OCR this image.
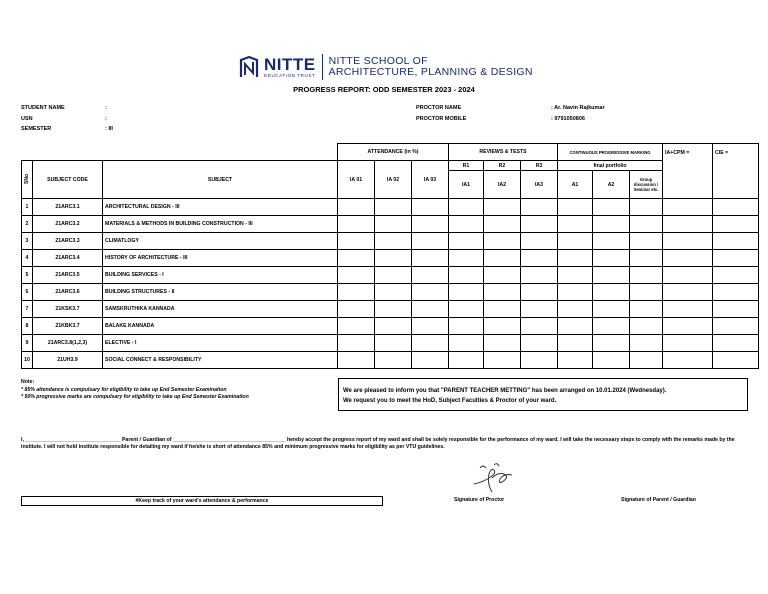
NITTE
EDUCATION TRUST
NITTE SCHOOL OF
ARCHITECTURE, PLANNING & DESIGN
PROGRESS REPORT: ODD SEMESTER 2023 - 2024
STUDENT NAME	:
USN	:
SEMESTER	: III
PROCTOR NAME	: Ar. Navin Rajkumar
PROCTOR MOBILE	: 9791050806
			ATTENDANCE (in %)			REVIEWS & TESTS			CONTINUOUS PROGRESSIVE MARKING			IA+CPM =	CIE =
SNo	SUBJECT CODE	SUBJECT	IA 01	IA 02	IA 03	R1	R2	R3	final portfolio				
						IA1	IA2	IA3	A1	A2	Group discussion / Seminar etc.		
1	21ARC3.1	ARCHITECTURAL DESIGN - III											
2	21ARC3.2	MATERIALS & METHODS IN BUILDING CONSTRUCTION - III											
3	21ARC3.3	CLIMATLOGY											
4	21ARC3.4	HISTORY OF ARCHITECTURE - III											
5	21ARC3.5	BUILDING SERVICES - I											
6	21ARC3.6	BUILDING STRUCTURES - II											
7	21KSK3.7	SAMSKRUTHIKA KANNADA											
8	21KBK3.7	BALAKE KANNADA											
9	21ARC3.8(1,2,3)	ELECTIVE - I											
10	21UH3.9	SOCIAL CONNECT & RESPONSIBILITY											
Note:
* 85% attendance is compulsary for eligibility to take up End Semester Examination
* 50% progressive marks are compulsary for eligibility to take up End Semester Examination
We are pleased to inform you that "PARENT TEACHER METTING" has been arranged on 10.01.2024 (Wednesday).
We request you to meet the HoD, Subject Faculties & Proctor of your ward.
I, _________________________________ Parent / Guardian of _______________________________________ hereby accept the progress report of my ward and shall be solely responsible for the performance of my ward. I will take the necessary steps to comply with the remarks made by the institute. I will not hold institute responsible for detailing my ward if he/she is short of attendance 85% and minimum progressive marks for eligibility as per VTU guidelines.
#Keep track of your ward's attendance & performance	Signature of Proctor	Signature of Parent / Guardian
